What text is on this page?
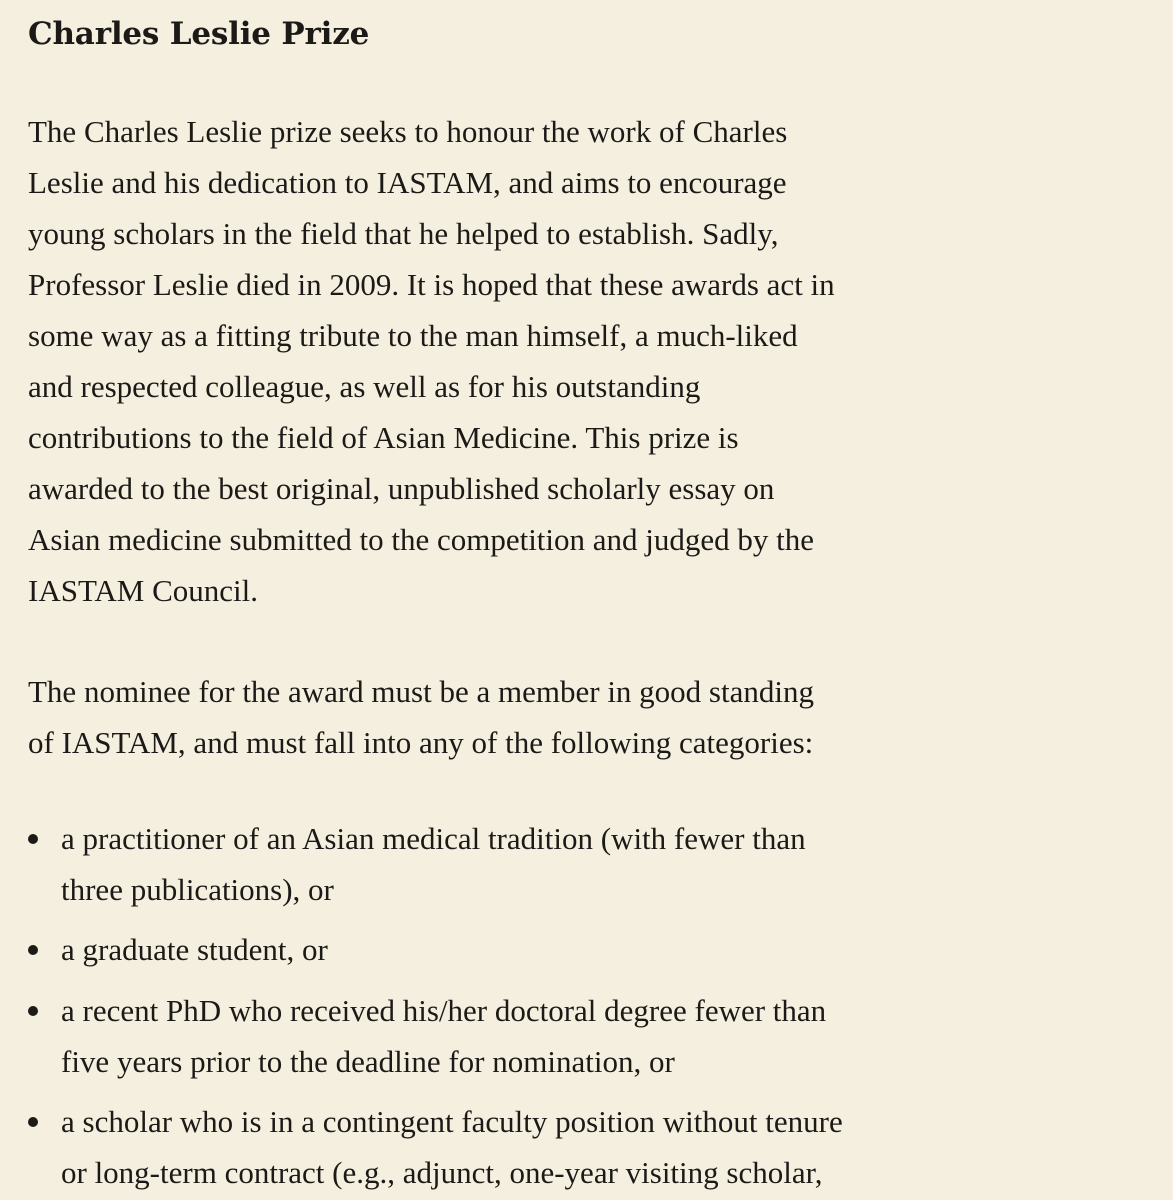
Charles Leslie Prize

The Charles Leslie prize seeks to honour the work of Charles
Leslie and his dedication to IASTAM, and aims to encourage
young scholars in the field that he helped to establish. Sadly,
Professor Leslie died in 2009. It is hoped that these awards act in
some way as a fitting tribute to the man himself, a much-liked
and respected colleague, as well as for his outstanding
contributions to the field of Asian Medicine. This prize is
awarded to the best original, unpublished scholarly essay on
Asian medicine submitted to the competition and judged by the
IASTAM Council.

The nominee for the award must be a member in good standing
of IASTAM, and must fall into any of the following categories:

a practitioner of an Asian medical tradition (with fewer than
three publications), or
a graduate student, or
a recent PhD who received his/her doctoral degree fewer than
five years prior to the deadline for nomination, or
a scholar who is in a contingent faculty position without tenure
or long-term contract (e.g., adjunct, one-year visiting scholar,
